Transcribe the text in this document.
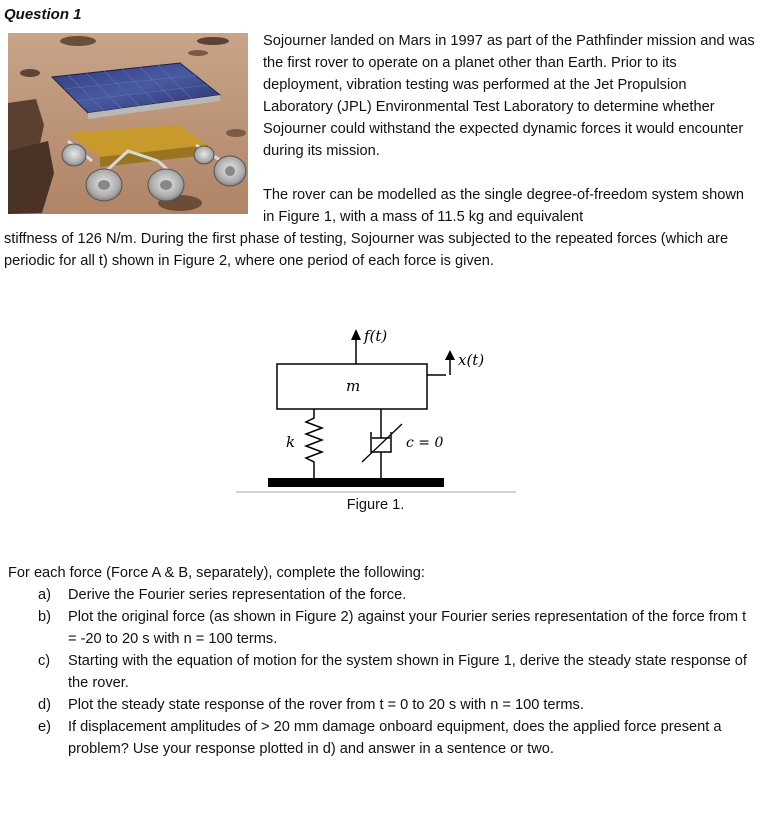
Question 1

Sojourner landed on Mars in 1997 as part of the Pathfinder mission and was the first rover to operate on a planet other than Earth. Prior to its deployment, vibration testing was performed at the Jet Propulsion Laboratory (JPL) Environmental Test Laboratory to determine whether Sojourner could withstand the expected dynamic forces it would encounter during its mission.

The rover can be modelled as the single degree-of-freedom system shown in Figure 1, with a mass of 11.5 kg and equivalent

stiffness of 126 N/m. During the first phase of testing, Sojourner was subjected to the repeated forces (which are periodic for all t) shown in Figure 2, where one period of each force is given.
f(t)
m
x(t)
k	c = 0
Figure 1.
For each force (Force A & B, separately), complete the following:
a) Derive the Fourier series representation of the force.
b) Plot the original force (as shown in Figure 2) against your Fourier series representation of the force from t = -20 to 20 s with n = 100 terms.
c) Starting with the equation of motion for the system shown in Figure 1, derive the steady state response of the rover.
d) Plot the steady state response of the rover from t = 0 to 20 s with n = 100 terms.
e) If displacement amplitudes of > 20 mm damage onboard equipment, does the applied force present a problem? Use your response plotted in d) and answer in a sentence or two.
